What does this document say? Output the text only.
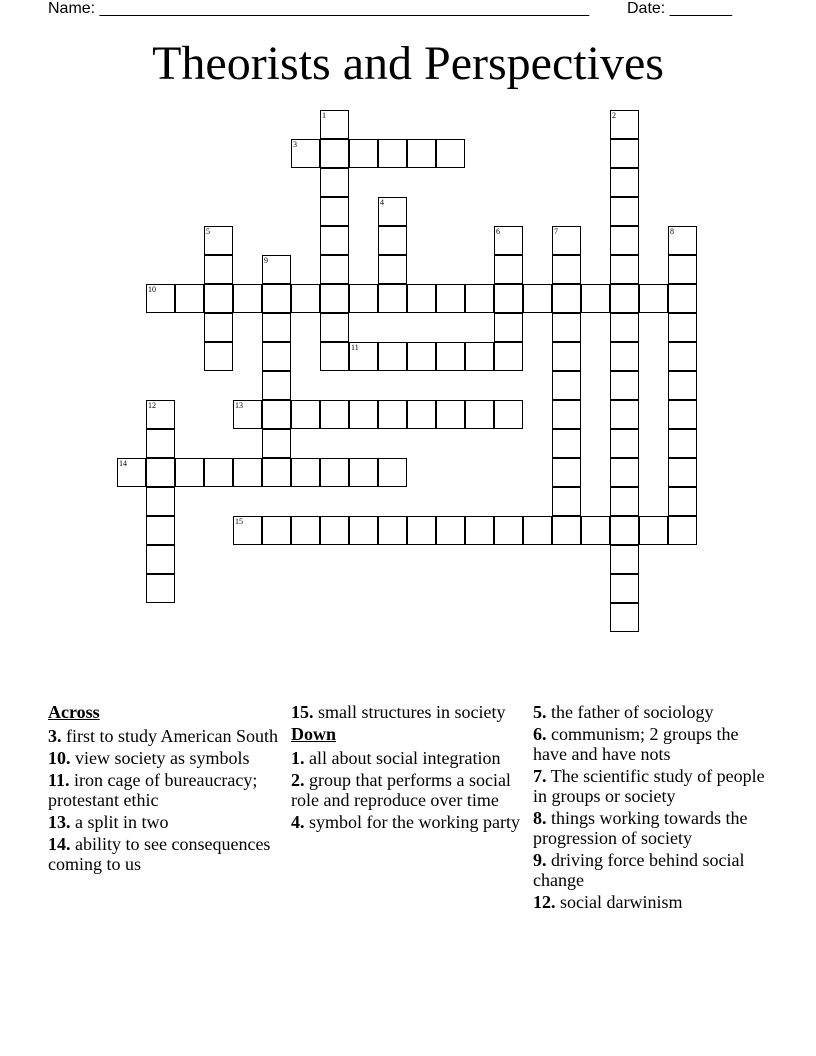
Name: _______________________________________________________ Date: _______
Theorists and Perspectives
1	2
3
4
5	6	7	8
9
10
11
12	13
14
15
Across
3. first to study American South
10. view society as symbols
11. iron cage of bureaucracy; protestant ethic
13. a split in two
14. ability to see consequences coming to us
15. small structures in society
Down
1. all about social integration
2. group that performs a social role and reproduce over time
4. symbol for the working party
5. the father of sociology
6. communism; 2 groups the have and have nots
7. The scientific study of people in groups or society
8. things working towards the progression of society
9. driving force behind social change
12. social darwinism
